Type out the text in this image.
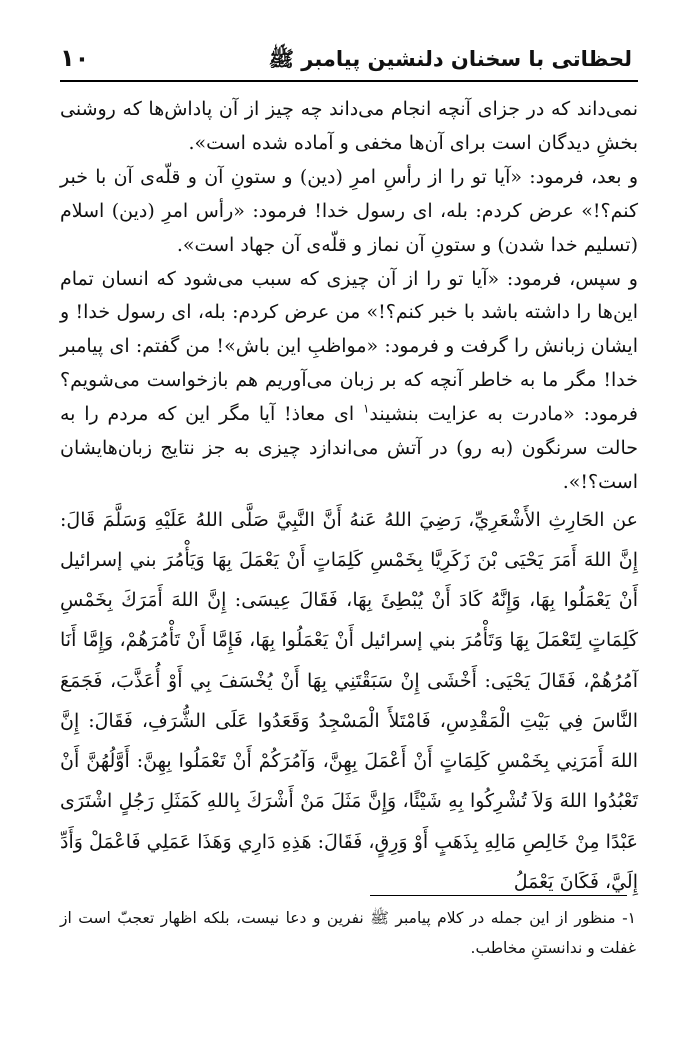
۱۰	لحظاتی با سخنان دلنشین پیامبر ﷺ

نمی‌داند که در جزای آنچه انجام می‌داند چه چیز از آن پاداش‌ها که روشنی بخشِ دیدگان است برای آن‌ها مخفی و آماده شده است».

و بعد، فرمود: «آیا تو را از رأسِ امرِ (دین) و ستونِ آن و قلّه‌ی آن با خبر کنم؟!» عرض کردم: بله، ای رسول خدا! فرمود: «رأس امرِ (دین) اسلام (تسلیم خدا شدن) و ستونِ آن نماز و قلّه‌ی آن جهاد است».

و سپس، فرمود: «آیا تو را از آن چیزی که سبب می‌شود که انسان تمام این‌ها را داشته باشد با خبر کنم؟!» من عرض کردم: بله، ای رسول خدا! و ایشان زبانش را گرفت و فرمود: «مواظبِ این باش»! من گفتم: ای پیامبر خدا! مگر ما به خاطر آنچه که بر زبان می‌آوریم هم بازخواست می‌شویم؟ فرمود: «مادرت به عزایت بنشیند$^۱$ ای معاذ! آیا مگر این که مردم را به حالت سرنگون (به رو) در آتش می‌اندازد چیزی به جز نتایج زبان‌هایشان است؟!».

عن الحَارِثِ الأَشْعَرِيِّ، رَضِيَ اللهُ عَنهُ أَنَّ النَّبِيَّ صَلَّى اللهُ عَلَيْهِ وَسَلَّمَ قَالَ: إِنَّ اللهَ أَمَرَ يَحْيَى بْنَ زَكَرِيَّا بِخَمْسِ كَلِمَاتٍ أَنْ يَعْمَلَ بِهَا وَيَأْمُرَ بني إسرائيل أَنْ يَعْمَلُوا بِهَا، وَإِنَّهُ كَادَ أَنْ يُبْطِئَ بِهَا، فَقَالَ عِيسَى: إِنَّ اللهَ أَمَرَكَ بِخَمْسِ كَلِمَاتٍ لِتَعْمَلَ بِهَا وَتَأْمُرَ بني إسرائيل أَنْ يَعْمَلُوا بِهَا، فَإِمَّا أَنْ تَأْمُرَهُمْ، وَإِمَّا أَنَا آمُرُهُمْ، فَقَالَ يَحْيَى: أَخْشَى إِنْ سَبَقْتَنِي بِهَا أَنْ يُخْسَفَ بِي أَوْ أُعَذَّبَ، فَجَمَعَ النَّاسَ فِي بَيْتِ الْمَقْدِسِ، فَامْتَلأَ الْمَسْجِدُ وَقَعَدُوا عَلَى الشُّرَفِ، فَقَالَ: إِنَّ اللهَ أَمَرَنِي بِخَمْسِ كَلِمَاتٍ أَنْ أَعْمَلَ بِهِنَّ، وَآمُرَكُمْ أَنْ تَعْمَلُوا بِهِنَّ: أَوَّلُهُنَّ أَنْ تَعْبُدُوا اللهَ وَلاَ تُشْرِكُوا بِهِ شَيْئًا، وَإِنَّ مَثَلَ مَنْ أَشْرَكَ بِاللهِ كَمَثَلِ رَجُلٍ اشْتَرَى عَبْدًا مِنْ خَالِصِ مَالِهِ بِذَهَبٍ أَوْ وَرِقٍ، فَقَالَ: هَذِهِ دَارِي وَهَذَا عَمَلِي فَاعْمَلْ وَأَدِّ إِلَيَّ، فَكَانَ يَعْمَلُ

۱- منظور از این جمله در کلام پیامبر ﷺ نفرین و دعا نیست، بلکه اظهار تعجبّ است از غفلت و ندانستنِ مخاطب.
